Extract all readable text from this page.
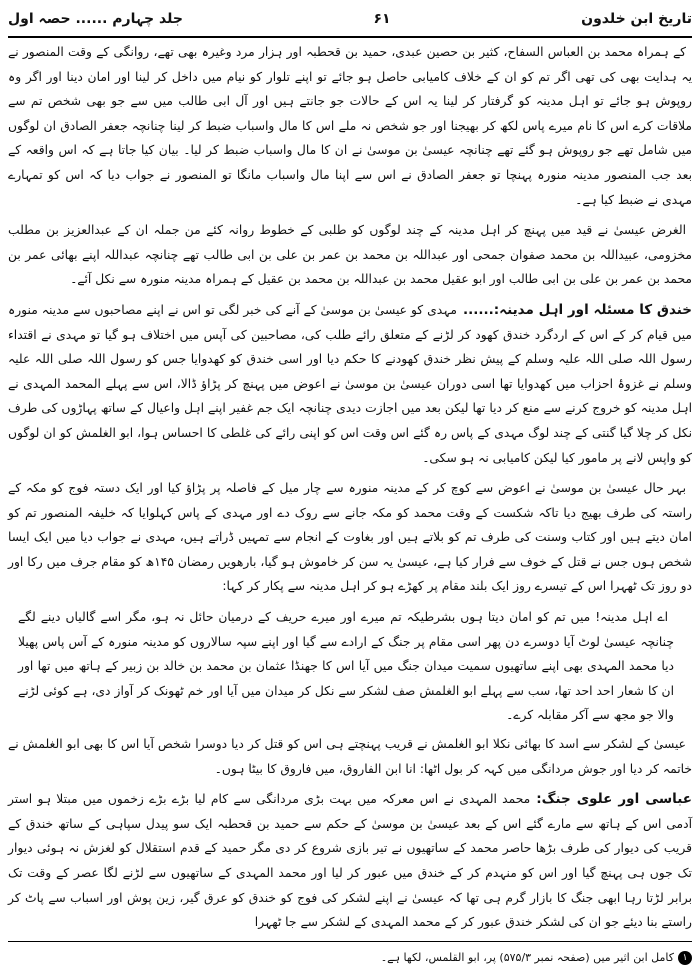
جلد چہارم ...... حصہ اول	۶۱	تاریخ ابن خلدون

کے ہمراہ محمد بن العباس السفاح، کثیر بن حصین عبدی، حمید بن قحطبہ اور ہزار مرد وغیرہ بھی تھے، روانگی کے وقت المنصور نے یہ ہدایت بھی کی تھی اگر تم کو ان کے خلاف کامیابی حاصل ہو جائے تو اپنے تلوار کو نیام میں داخل کر لینا اور امان دینا اور اگر وہ روپوش ہو جائے تو اہل مدینہ کو گرفتار کر لینا یہ اس کے حالات جو جانتے ہیں اور آل ابی طالب میں سے جو بھی شخص تم سے ملاقات کرے اس کا نام میرے پاس لکھ کر بھیجنا اور جو شخص نہ ملے اس کا مال واسباب ضبط کر لینا چنانچہ جعفر الصادق ان لوگوں میں شامل تھے جو روپوش ہو گئے تھے چنانچہ عیسیٰ بن موسیٰ نے ان کا مال واسباب ضبط کر لیا۔ بیان کیا جاتا ہے کہ اس واقعہ کے بعد جب المنصور مدینہ منورہ پہنچا تو جعفر الصادق نے اس سے اپنا مال واسباب مانگا تو المنصور نے جواب دیا کہ اس کو تمہارے مہدی نے ضبط کیا ہے۔

الغرض عیسیٰ نے قید میں پہنچ کر اہل مدینہ کے چند لوگوں کو طلبی کے خطوط روانہ کئے من جملہ ان کے عبدالعزیز بن مطلب مخزومی، عبیداللہ بن محمد صفوان جمحی اور عبداللہ بن محمد بن عمر بن علی بن ابی طالب تھے چنانچہ عبداللہ اپنے بھائی عمر بن محمد بن عمر بن علی بن ابی طالب اور ابو عقیل محمد بن عبداللہ بن محمد بن عقیل کے ہمراہ مدینہ منورہ سے نکل آئے۔

خندق کا مسئلہ اور اہل مدینہ:......مہدی کو عیسیٰ بن موسیٰ کے آنے کی خبر لگی تو اس نے اپنے مصاحبوں سے مدینہ منورہ میں قیام کر کے اس کے اردگرد خندق کھود کر لڑنے کے متعلق رائے طلب کی، مصاحبین کی آپس میں اختلاف ہو گیا تو مہدی نے اقتداء رسول اللہ صلی اللہ علیہ وسلم کے پیش نظر خندق کھودنے کا حکم دیا اور اسی خندق کو کھدوایا جس کو رسول اللہ صلی اللہ علیہ وسلم نے غزوۂ احزاب میں کھدوایا تھا اسی دوران عیسیٰ بن موسیٰ نے اعوض میں پہنچ کر پڑاؤ ڈالا، اس سے پہلے المحمد المہدی نے اہل مدینہ کو خروج کرنے سے منع کر دیا تھا لیکن بعد میں اجازت دیدی چنانچہ ایک جم غفیر اپنے اہل واعیال کے ساتھ پہاڑوں کی طرف نکل کر چلا گیا گنتی کے چند لوگ مہدی کے پاس رہ گئے اس وقت اس کو اپنی رائے کی غلطی کا احساس ہوا، ابو الغلمش کو ان لوگوں کو واپس لانے پر مامور کیا لیکن کامیابی نہ ہو سکی۔

بہر حال عیسیٰ بن موسیٰ نے اعوض سے کوچ کر کے مدینہ منورہ سے چار میل کے فاصلہ پر پڑاؤ کیا اور ایک دستہ فوج کو مکہ کے راستہ کی طرف بھیج دیا تاکہ شکست کے وقت محمد کو مکہ جانے سے روک دے اور مہدی کے پاس کہلوایا کہ خلیفہ المنصور تم کو امان دیتے ہیں اور کتاب وسنت کی طرف تم کو بلاتے ہیں اور بغاوت کے انجام سے تمہیں ڈراتے ہیں، مہدی نے جواب دیا میں ایک ایسا شخص ہوں جس نے قتل کے خوف سے فرار کیا ہے، عیسیٰ یہ سن کر خاموش ہو گیا، بارھویں رمضان ۱۴۵ھ کو مقام جرف میں رکا اور دو روز تک ٹھہرا اس کے تیسرے روز ایک بلند مقام پر کھڑے ہو کر اہل مدینہ سے پکار کر کہا:

اے اہل مدینہ! میں تم کو امان دیتا ہوں بشرطیکہ تم میرے اور میرے حریف کے درمیان حائل نہ ہو، مگر اسے گالیاں دینے لگے چنانچہ عیسیٰ لوٹ آیا دوسرے دن پھر اسی مقام پر جنگ کے ارادے سے گیا اور اپنے سپہ سالاروں کو مدینہ منورہ کے آس پاس پھیلا دیا محمد المہدی بھی اپنے ساتھیوں سمیت میدان جنگ میں آیا اس کا جھنڈا عثمان بن محمد بن خالد بن زبیر کے ہاتھ میں تھا اور ان کا شعار احد احد تھا، سب سے پہلے ابو الغلمش صف لشکر سے نکل کر میدان میں آیا اور خم ٹھونک کر آواز دی، ہے کوئی لڑنے والا جو مجھ سے آکر مقابلہ کرے۔

عیسیٰ کے لشکر سے اسد کا بھائی نکلا ابو الغلمش نے قریب پہنچتے ہی اس کو قتل کر دیا دوسرا شخص آیا اس کا بھی ابو الغلمش نے خاتمہ کر دیا اور جوش مردانگی میں کہہ کر بول اٹھا: انا ابن الفاروق، میں فاروق کا بیٹا ہوں۔

عباسی اور علوی جنگ:محمد المہدی نے اس معرکہ میں بہت بڑی مردانگی سے کام لیا بڑے بڑے زخموں میں مبتلا ہو استر آدمی اس کے ہاتھ سے مارے گئے اس کے بعد عیسیٰ بن موسیٰ کے حکم سے حمید بن قحطبہ ایک سو پیدل سپاہی کے ساتھ خندق کے قریب کی دیوار کی طرف بڑھا حاصر محمد کے ساتھیوں نے تیر بازی شروع کر دی مگر حمید کے قدم استقلال کو لغزش نہ ہوئی دیوار تک جوں ہی پہنچ گیا اور اس کو منہدم کر کے خندق میں عبور کر لیا اور محمد المہدی کے ساتھیوں سے لڑنے لگا عصر کے وقت تک برابر لڑتا رہا ابھی جنگ کا بازار گرم ہی تھا کہ عیسیٰ نے اپنے لشکر کی فوج کو خندق کو عرق گیر، زین پوش اور اسباب سے پاٹ کر راستے بنا دیئے جو ان کی لشکر خندق عبور کر کے محمد المہدی کے لشکر سے جا ٹھہرا

۱کامل ابن اثیر میں (صفحہ نمبر ۵۷۵/۳) پر، ابو القلمس، لکھا ہے۔
